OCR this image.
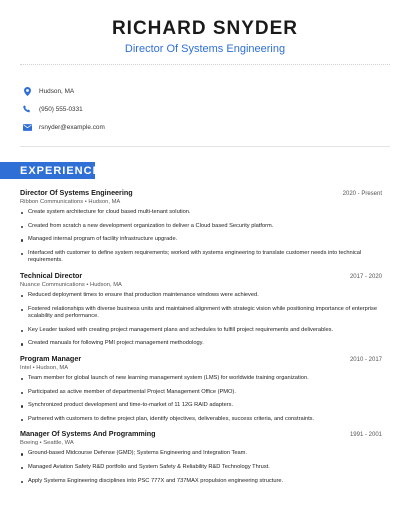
RICHARD SNYDER
Director Of Systems Engineering
Hudson, MA
(950) 555-0331
rsnyder@example.com
EXPERIENCE
Director Of Systems Engineering	2020 - Present
Ribbon Communications • Hudson, MA
Create system architecture for cloud based multi-tenant solution.
Created from scratch a new development organization to deliver a Cloud based Security platform.
Managed internal program of facility infrastructure upgrade.
Interfaced with customer to define system requirements; worked with systems engineering to translate customer needs into technical requirements.
Technical Director	2017 - 2020
Nuance Communications • Hudson, MA
Reduced deployment times to ensure that production maintenance windows were achieved.
Fostered relationships with diverse business units and maintained alignment with strategic vision while positioning importance of enterprise scalability and performance.
Key Leader tasked with creating project management plans and schedules to fulfill project requirements and deliverables.
Created manuals for following PMI project management methodology.
Program Manager	2010 - 2017
Intel • Hudson, MA
Team member for global launch of new learning management system (LMS) for worldwide training organization.
Participated as active member of departmental Project Management Office (PMO).
Synchronized product development and time-to-market of 11 12G RAID adapters.
Partnered with customers to define project plan, identify objectives, deliverables, success criteria, and constraints.
Manager Of Systems And Programming	1991 - 2001
Boeing • Seattle, WA
Ground-based Midcourse Defense (GMD); Systems Engineering and Integration Team.
Managed Aviation Safety R&D portfolio and System Safety & Reliability R&D Technology Thrust.
Apply Systems Engineering disciplines into PSC 777X and 737MAX propulsion engineering structure.
